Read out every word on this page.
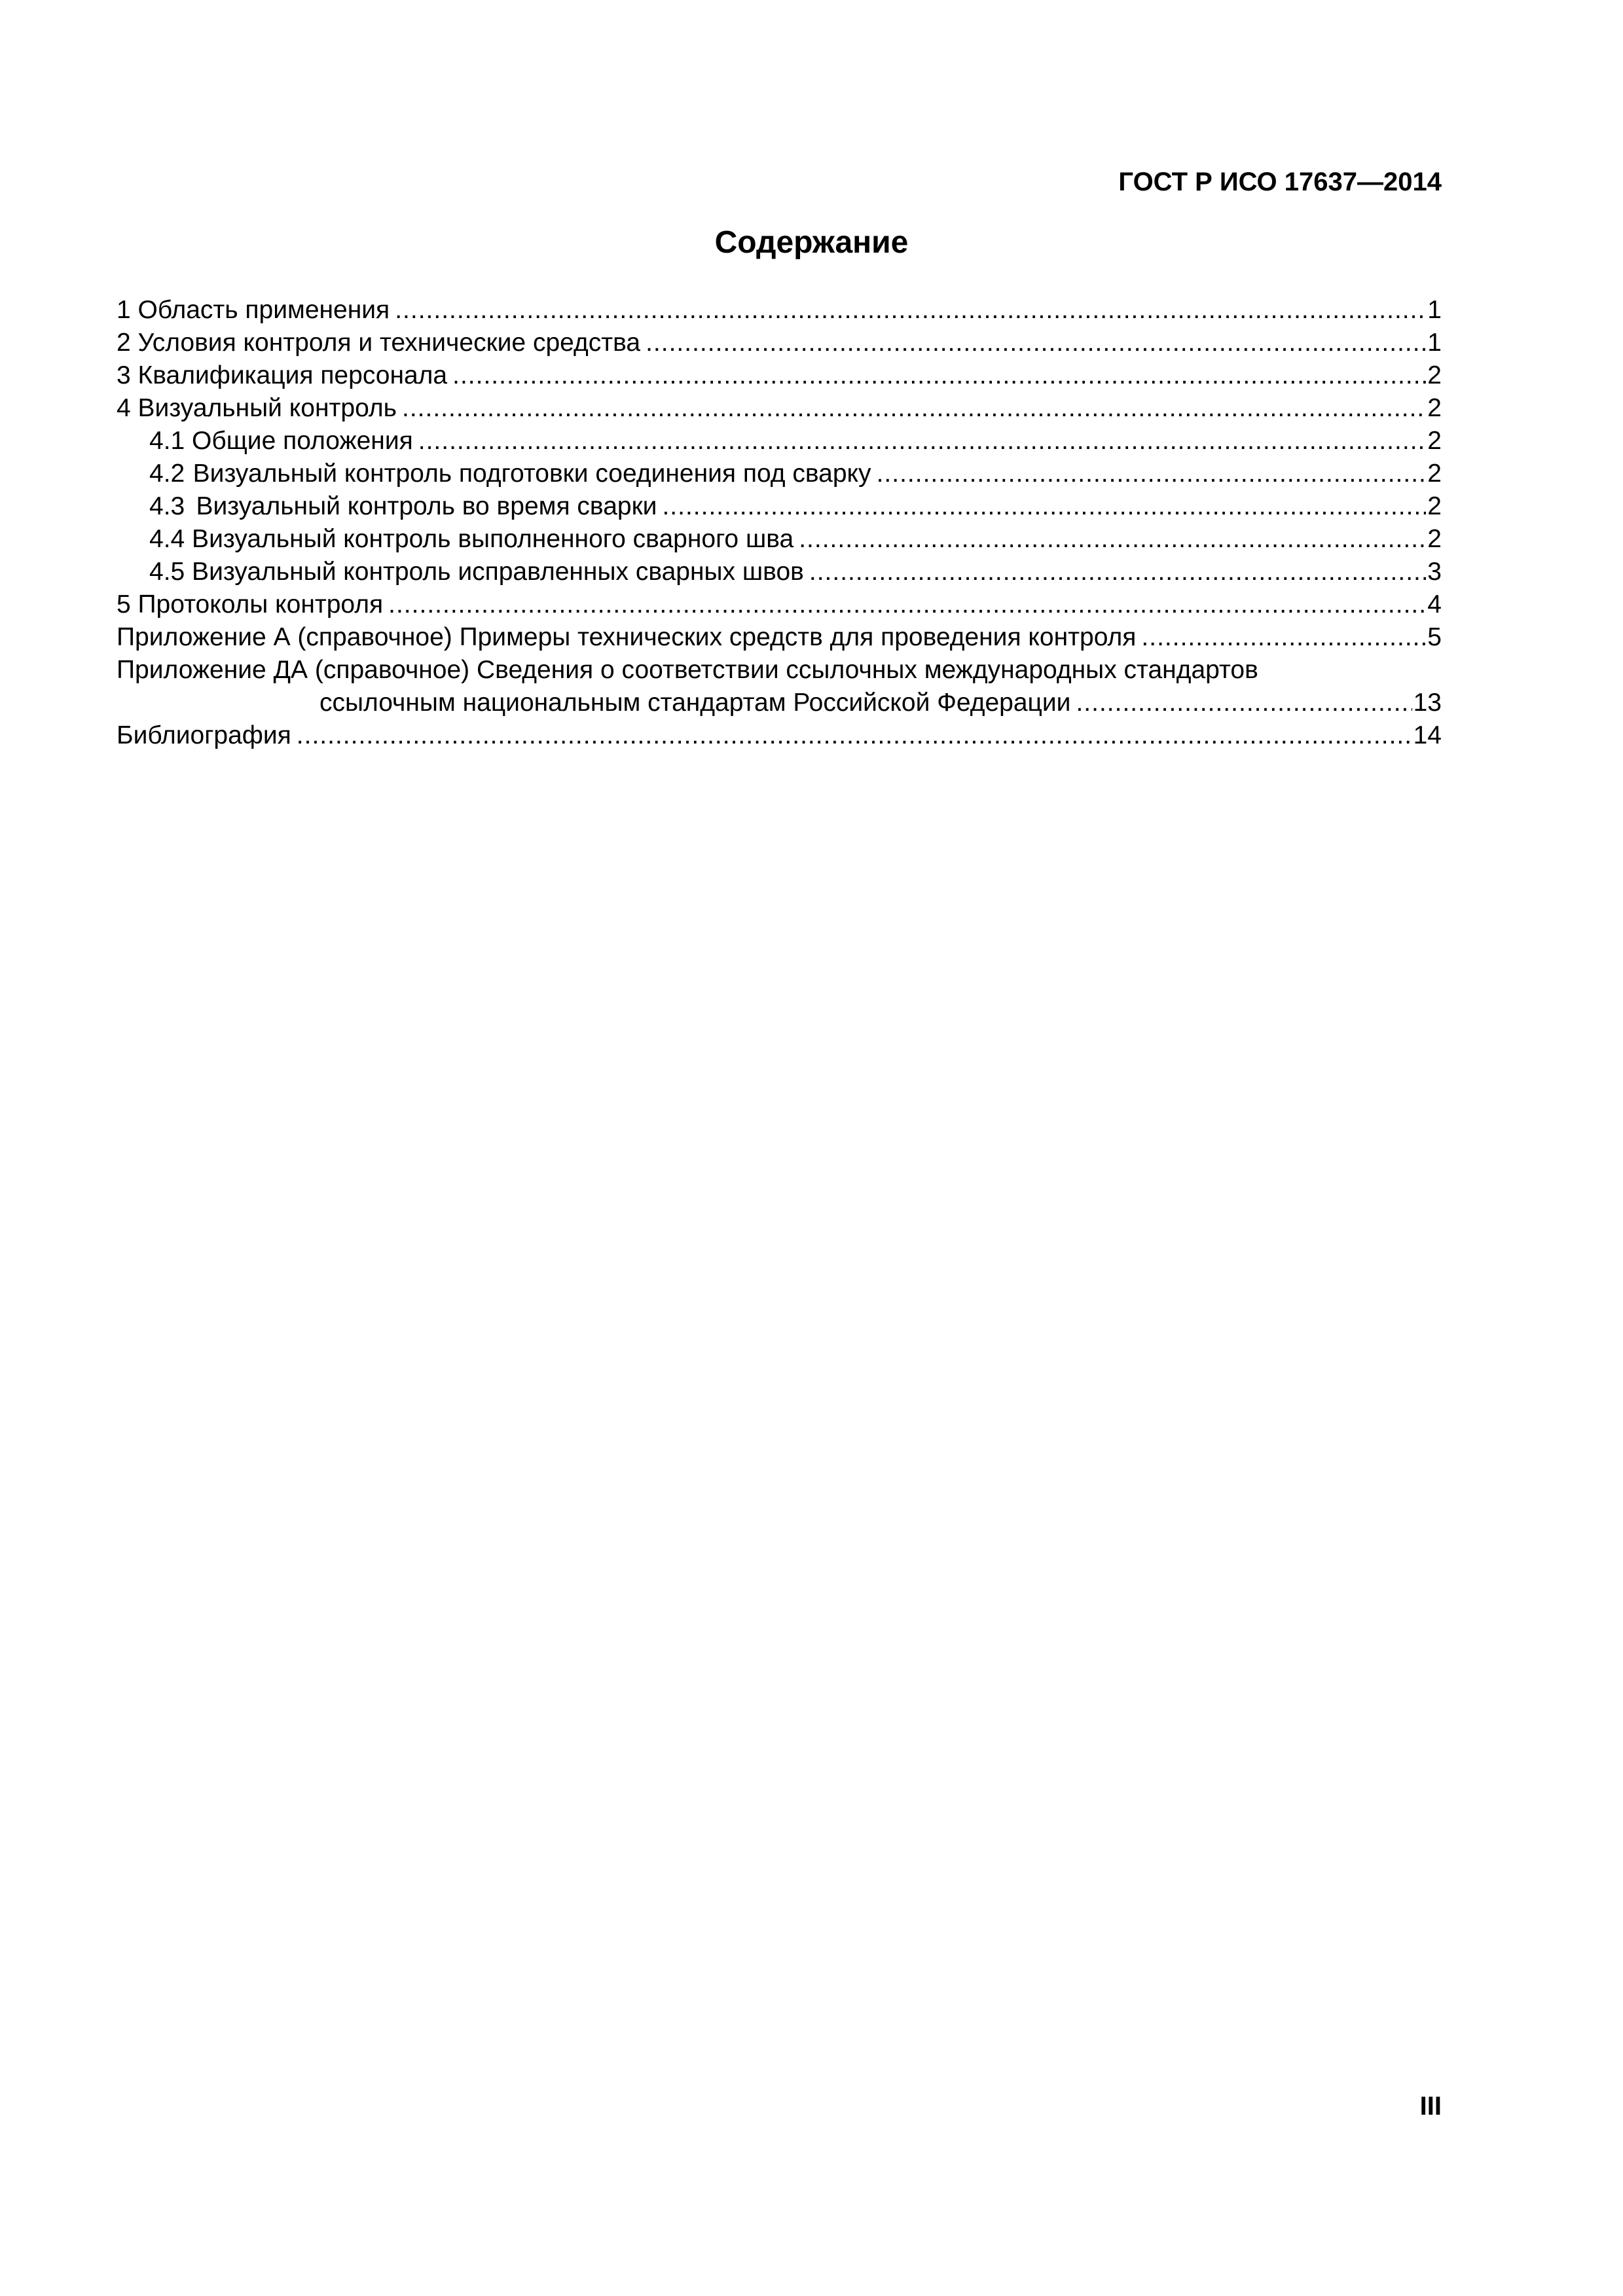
ГОСТ Р ИСО 17637—2014
Содержание
1 Область применения .....	1
2 Условия контроля и технические средства .....	1
3 Квалификация персонала .....	2
4 Визуальный контроль .....	2
4.1 Общие положения .....	2
4.2 Визуальный контроль подготовки соединения под сварку .....	2
4.3 Визуальный контроль во время сварки .....	2
4.4 Визуальный контроль выполненного сварного шва .....	2
4.5 Визуальный контроль исправленных сварных швов .....	3
5 Протоколы контроля .....	4
Приложение А (справочное) Примеры технических средств для проведения контроля .....	5
Приложение ДА (справочное) Сведения о соответствии ссылочных международных стандартов
ссылочным национальным стандартам Российской Федерации .....	13
Библиография .....	14
III
